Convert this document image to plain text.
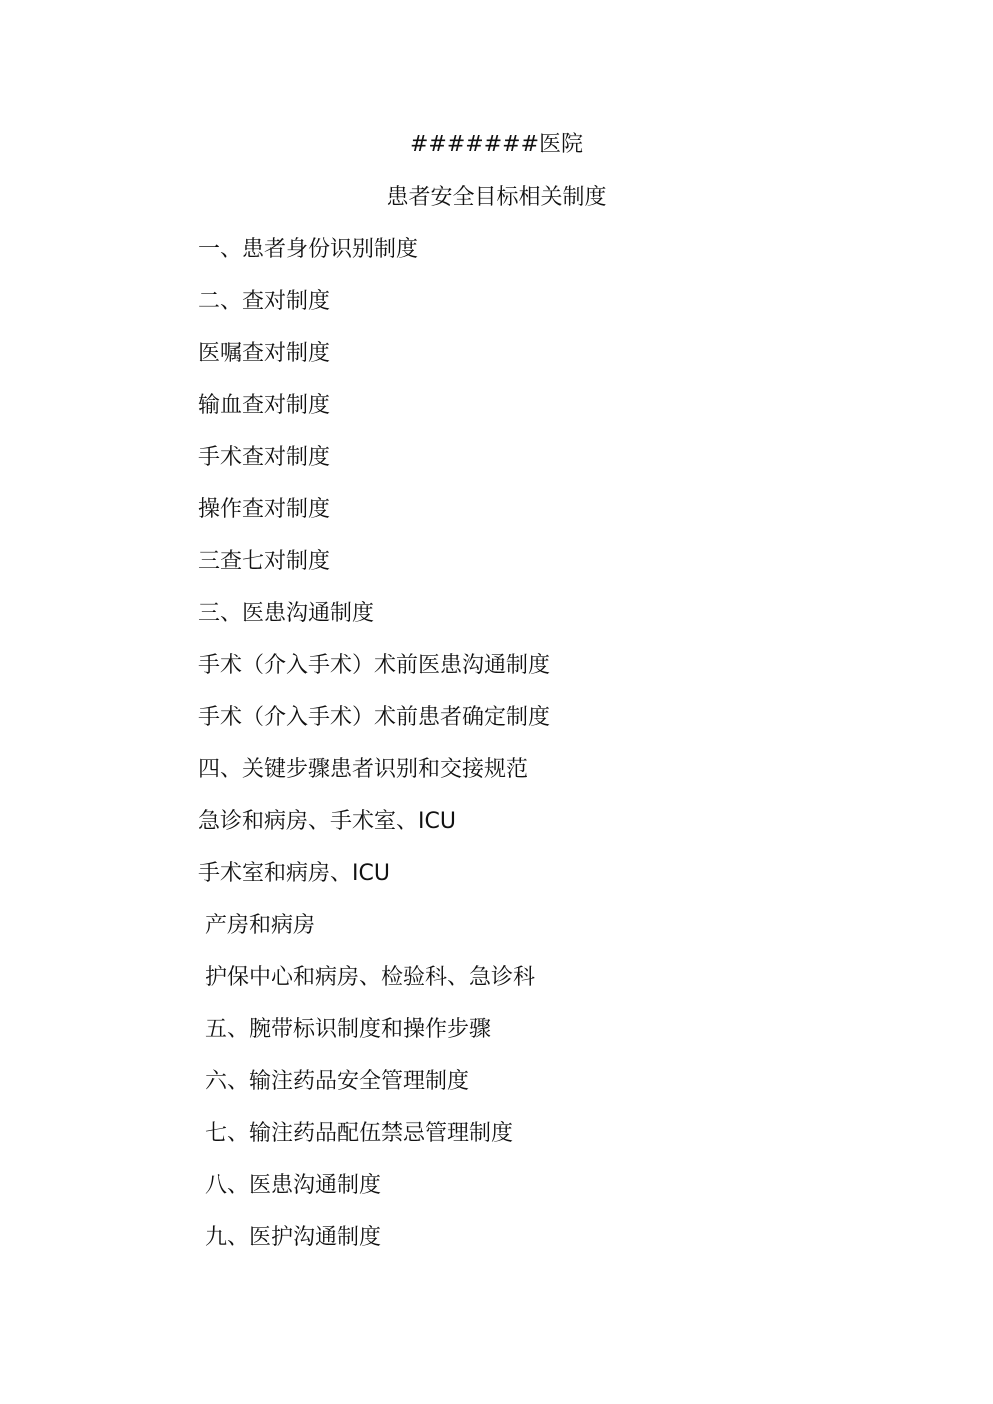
#######医院
患者安全目标相关制度
一、患者身份识别制度
二、查对制度
医嘱查对制度
输血查对制度
手术查对制度
操作查对制度
三查七对制度
三、医患沟通制度
手术（介入手术）术前医患沟通制度
手术（介入手术）术前患者确定制度
四、关键步骤患者识别和交接规范
急诊和病房、手术室、ICU
手术室和病房、ICU
产房和病房
护保中心和病房、检验科、急诊科
五、腕带标识制度和操作步骤
六、输注药品安全管理制度
七、输注药品配伍禁忌管理制度
八、医患沟通制度
九、医护沟通制度
